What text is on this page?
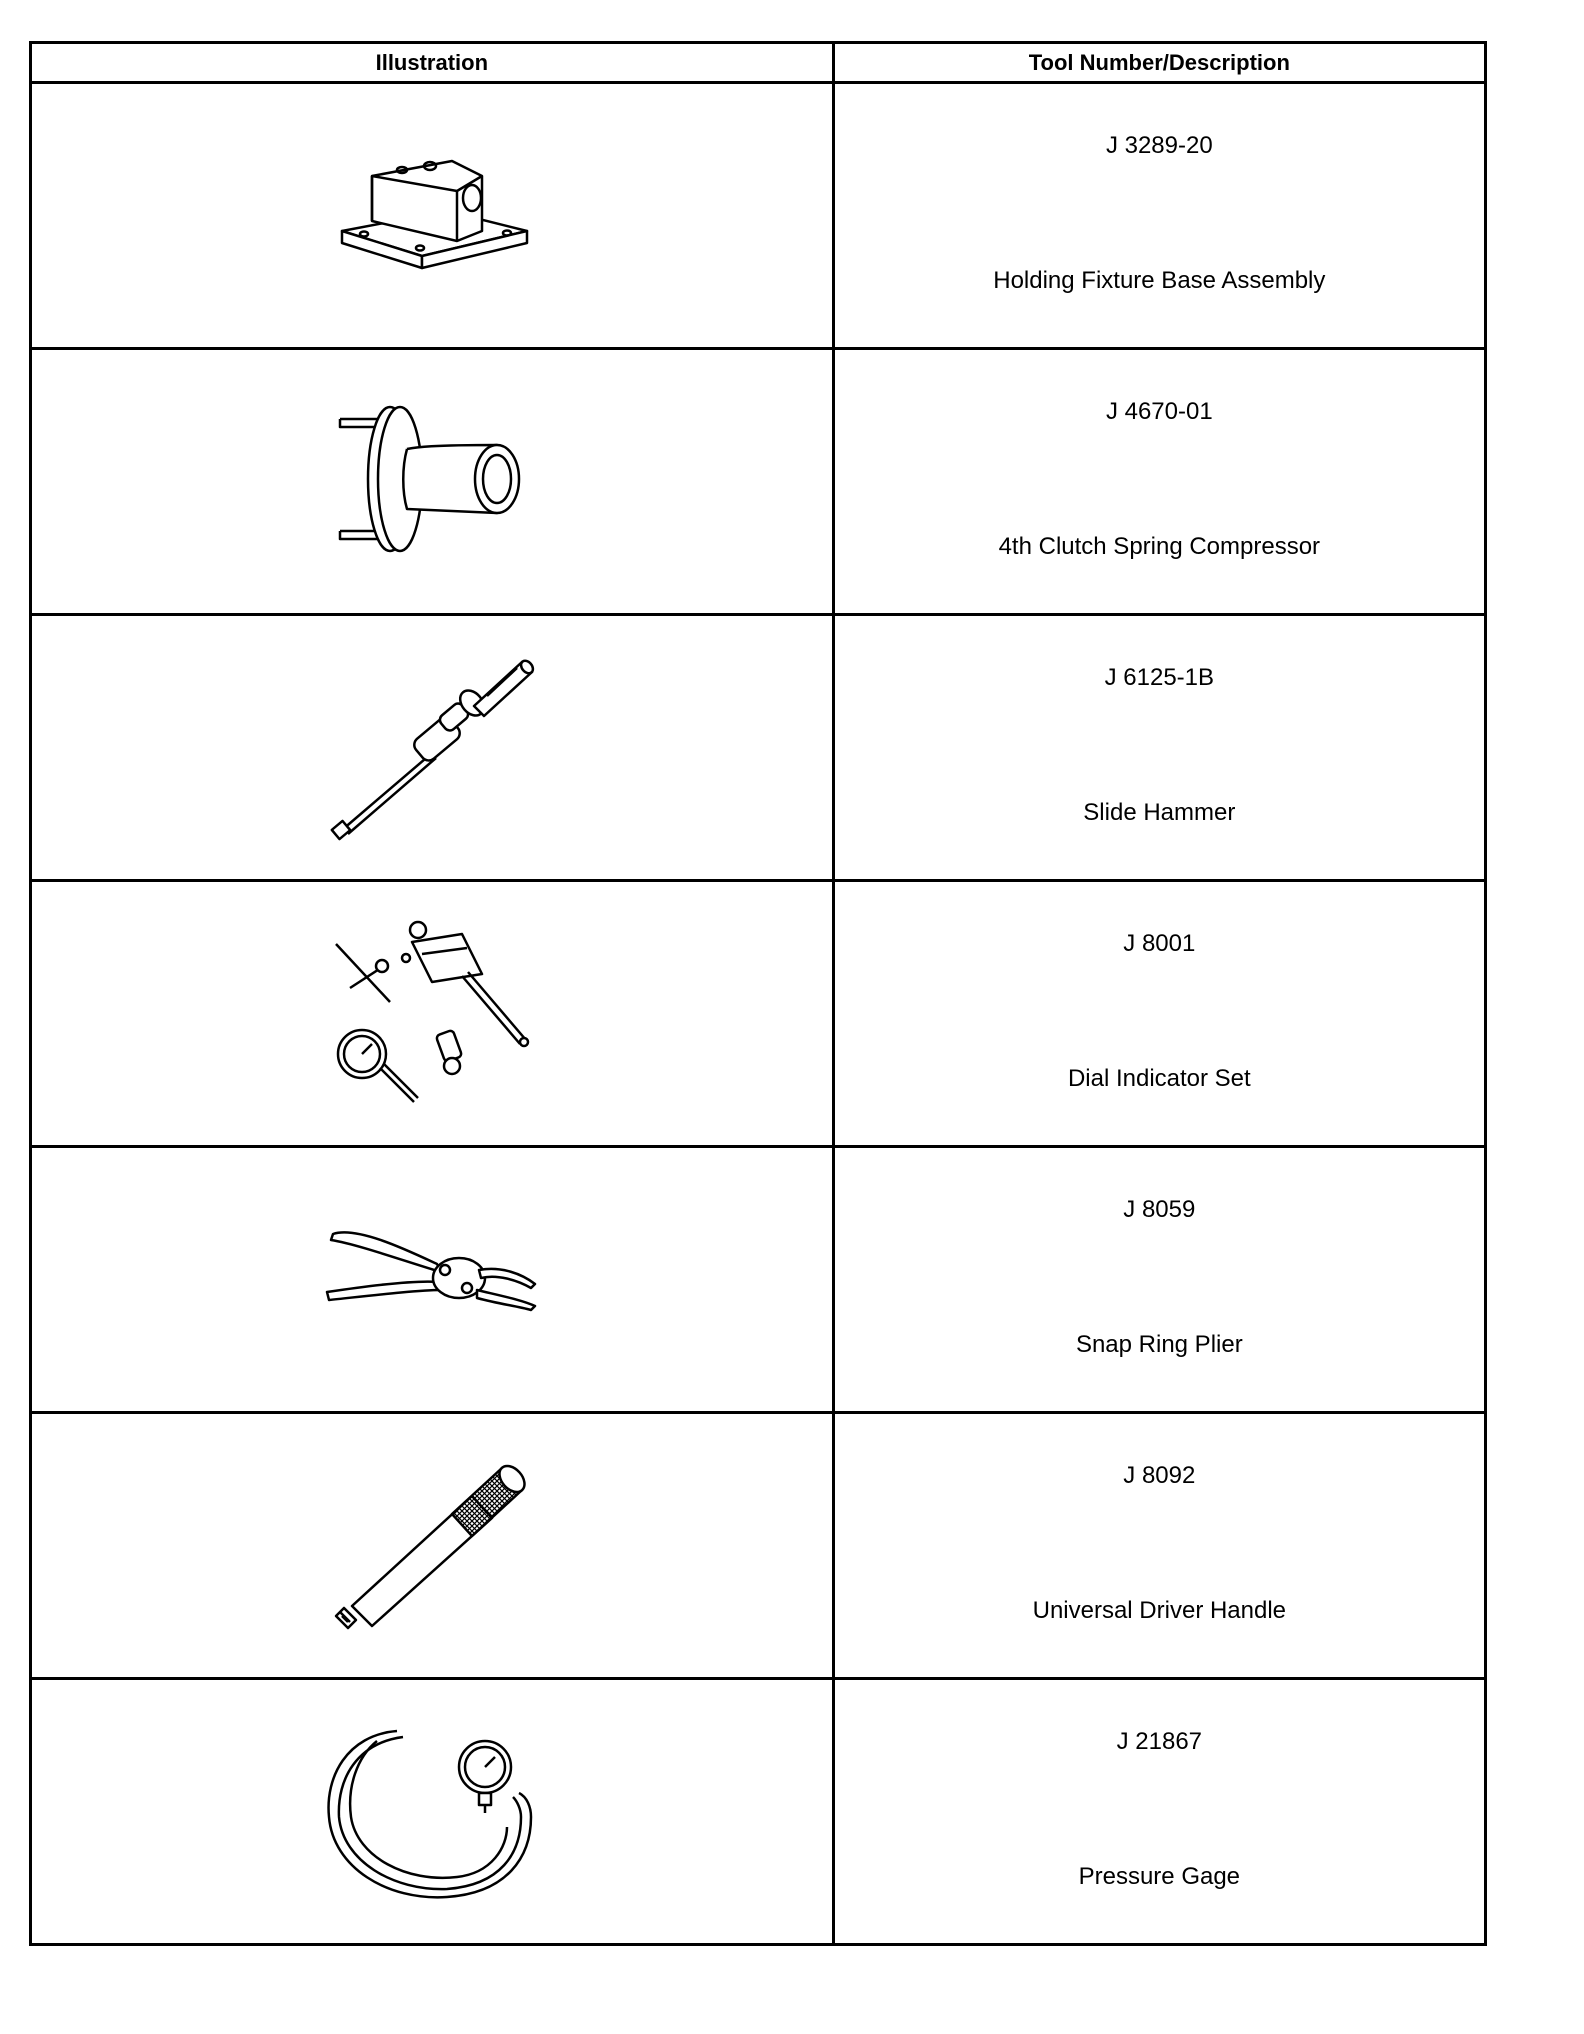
Illustration	Tool Number/Description

J 3289-20
Holding Fixture Base Assembly

J 4670-01
4th Clutch Spring Compressor

J 6125-1B
Slide Hammer

J 8001
Dial Indicator Set

J 8059
Snap Ring Plier

J 8092
Universal Driver Handle

J 21867
Pressure Gage
